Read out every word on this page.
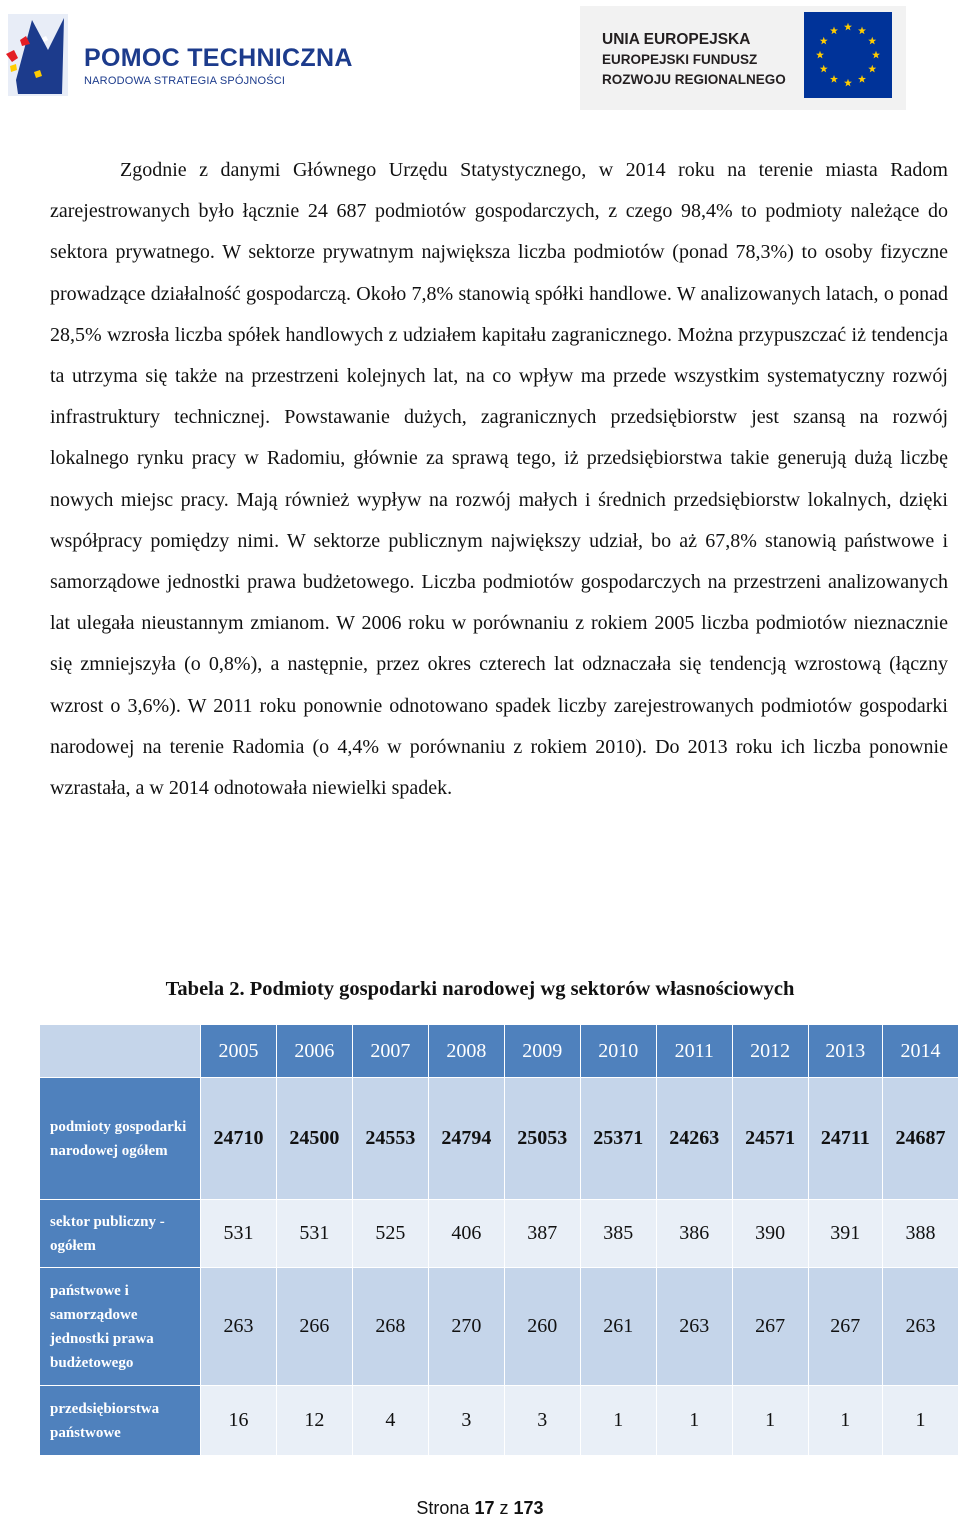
POMOC TECHNICZNA
NARODOWA STRATEGIA SPÓJNOŚCI
UNIA EUROPEJSKA
EUROPEJSKI FUNDUSZ
ROZWOJU REGIONALNEGO

Zgodnie z danymi Głównego Urzędu Statystycznego, w 2014 roku na terenie miasta Radom zarejestrowanych było łącznie 24 687 podmiotów gospodarczych, z czego 98,4% to podmioty należące do sektora prywatnego. W sektorze prywatnym największa liczba podmiotów (ponad 78,3%) to osoby fizyczne prowadzące działalność gospodarczą. Około 7,8% stanowią spółki handlowe. W analizowanych latach, o ponad 28,5% wzrosła liczba spółek handlowych z udziałem kapitału zagranicznego. Można przypuszczać iż tendencja ta utrzyma się także na przestrzeni kolejnych lat, na co wpływ ma przede wszystkim systematyczny rozwój infrastruktury technicznej. Powstawanie dużych, zagranicznych przedsiębiorstw jest szansą na rozwój lokalnego rynku pracy w Radomiu, głównie za sprawą tego, iż przedsiębiorstwa takie generują dużą liczbę nowych miejsc pracy. Mają również wypływ na rozwój małych i średnich przedsiębiorstw lokalnych, dzięki współpracy pomiędzy nimi. W sektorze publicznym największy udział, bo aż 67,8% stanowią państwowe i samorządowe jednostki prawa budżetowego. Liczba podmiotów gospodarczych na przestrzeni analizowanych lat ulegała nieustannym zmianom. W 2006 roku w porównaniu z rokiem 2005 liczba podmiotów nieznacznie się zmniejszyła (o 0,8%), a następnie, przez okres czterech lat odznaczała się tendencją wzrostową (łączny wzrost o 3,6%). W 2011 roku ponownie odnotowano spadek liczby zarejestrowanych podmiotów gospodarki narodowej na terenie Radomia (o 4,4% w porównaniu z rokiem 2010). Do 2013 roku ich liczba ponownie wzrastała, a w 2014 odnotowała niewielki spadek.

Tabela 2. Podmioty gospodarki narodowej wg sektorów własnościowych

	2005	2006	2007	2008	2009	2010	2011	2012	2013	2014
podmioty gospodarki narodowej ogółem	24710	24500	24553	24794	25053	25371	24263	24571	24711	24687
sektor publiczny - ogółem	531	531	525	406	387	385	386	390	391	388
państwowe i samorządowe jednostki prawa budżetowego	263	266	268	270	260	261	263	267	267	263
przedsiębiorstwa państwowe	16	12	4	3	3	1	1	1	1	1

Strona 17 z 173
